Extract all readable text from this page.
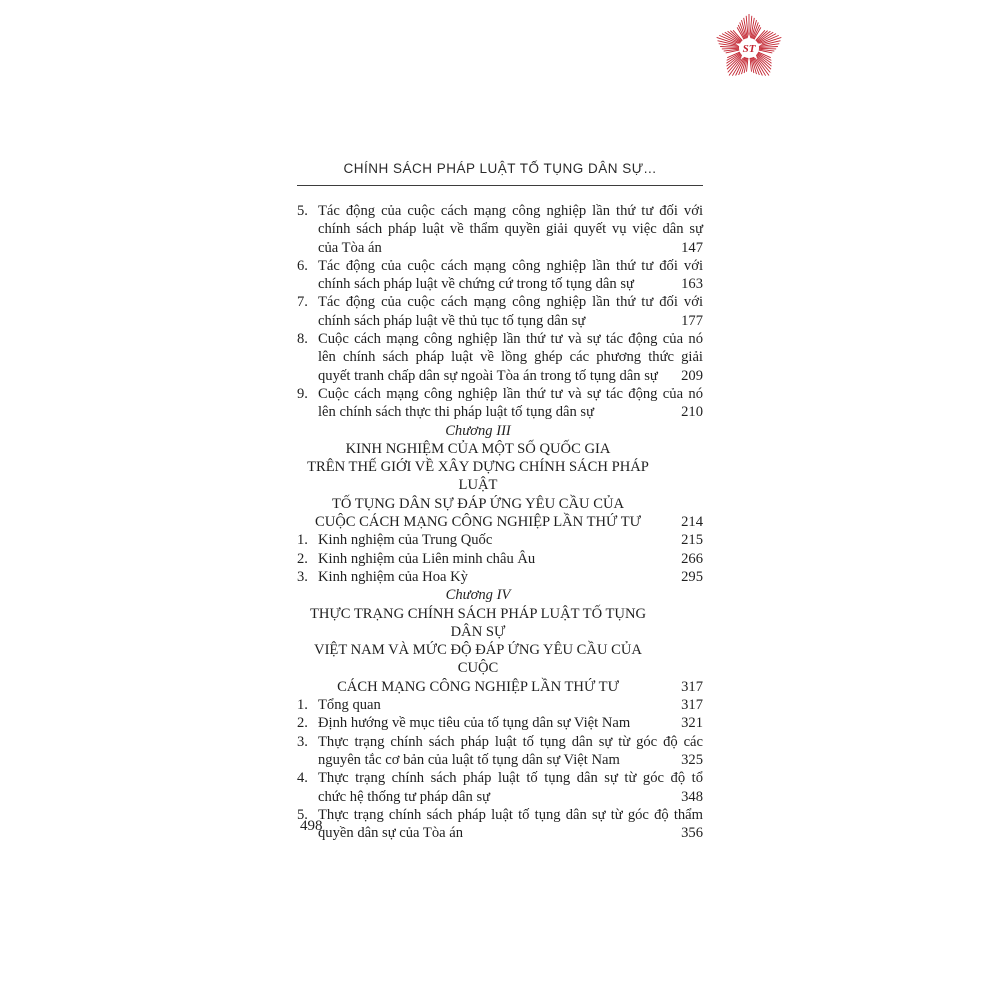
ST
CHÍNH SÁCH PHÁP LUẬT TỐ TỤNG DÂN SỰ...
5. Tác động của cuộc cách mạng công nghiệp lần thứ tư đối với
chính sách pháp luật về thẩm quyền giải quyết vụ việc dân sự
của Tòa án	147
6. Tác động của cuộc cách mạng công nghiệp lần thứ tư đối với
chính sách pháp luật về chứng cứ trong tố tụng dân sự	163
7. Tác động của cuộc cách mạng công nghiệp lần thứ tư đối với
chính sách pháp luật về thủ tục tố tụng dân sự	177
8. Cuộc cách mạng công nghiệp lần thứ tư và sự tác động của nó
lên chính sách pháp luật về lồng ghép các phương thức giải
quyết tranh chấp dân sự ngoài Tòa án trong tố tụng dân sự	209
9. Cuộc cách mạng công nghiệp lần thứ tư và sự tác động của nó
lên chính sách thực thi pháp luật tố tụng dân sự	210
Chương III
KINH NGHIỆM CỦA MỘT SỐ QUỐC GIA
TRÊN THẾ GIỚI VỀ XÂY DỰNG CHÍNH SÁCH PHÁP LUẬT
TỐ TỤNG DÂN SỰ ĐÁP ỨNG YÊU CẦU CỦA
CUỘC CÁCH MẠNG CÔNG NGHIỆP LẦN THỨ TƯ	214
1. Kinh nghiệm của Trung Quốc	215
2. Kinh nghiệm của Liên minh châu Âu	266
3. Kinh nghiệm của Hoa Kỳ	295
Chương IV
THỰC TRẠNG CHÍNH SÁCH PHÁP LUẬT TỐ TỤNG DÂN SỰ
VIỆT NAM VÀ MỨC ĐỘ ĐÁP ỨNG YÊU CẦU CỦA CUỘC
CÁCH MẠNG CÔNG NGHIỆP LẦN THỨ TƯ	317
1. Tổng quan	317
2. Định hướng về mục tiêu của tố tụng dân sự Việt Nam	321
3. Thực trạng chính sách pháp luật tố tụng dân sự từ góc độ các
nguyên tắc cơ bản của luật tố tụng dân sự Việt Nam	325
4. Thực trạng chính sách pháp luật tố tụng dân sự từ góc độ tổ
chức hệ thống tư pháp dân sự	348
5. Thực trạng chính sách pháp luật tố tụng dân sự từ góc độ thẩm
quyền dân sự của Tòa án	356
498
